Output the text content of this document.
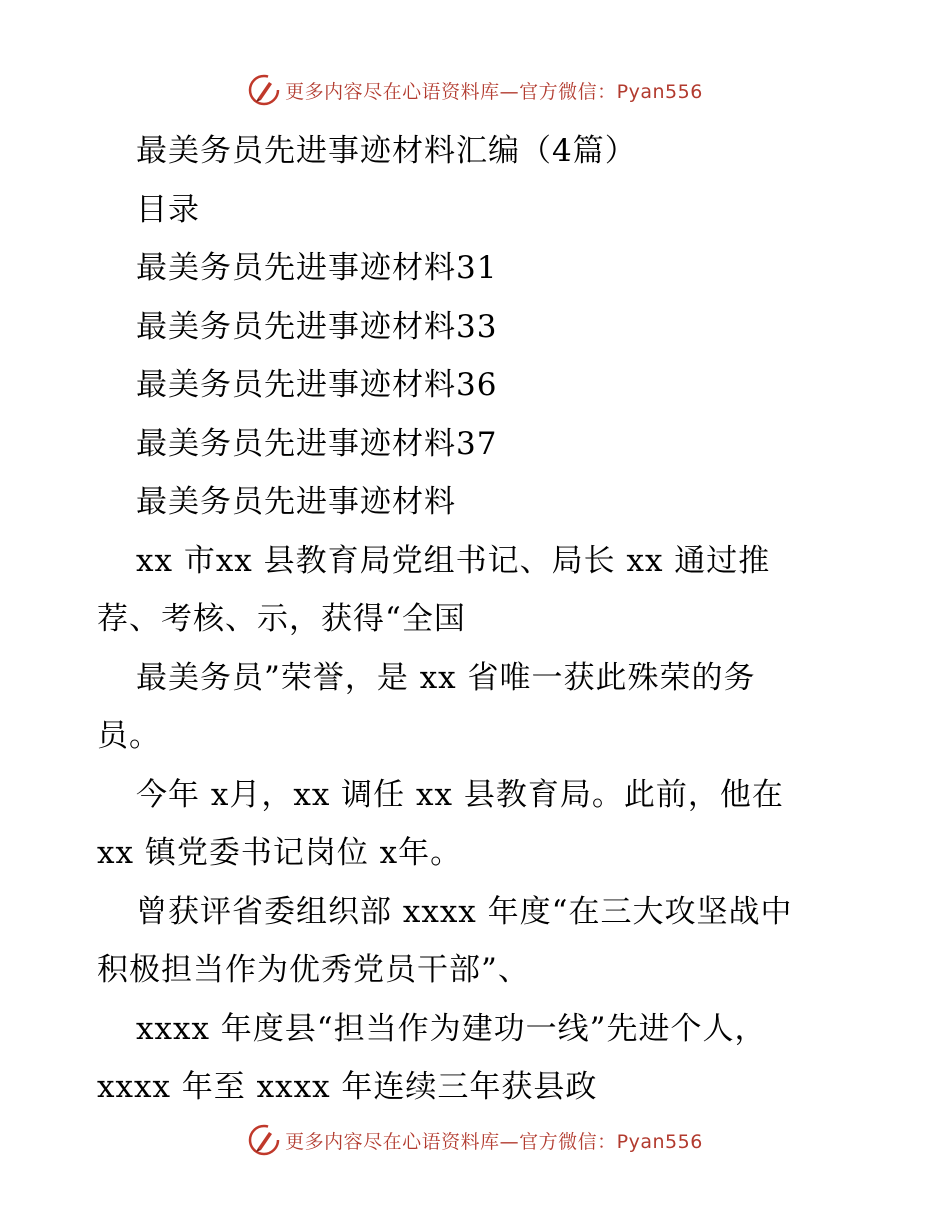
更多内容尽在心语资料库—官方微信：Pyan556
最美务员先进事迹材料汇编（4篇）
目录
最美务员先进事迹材料31
最美务员先进事迹材料33
最美务员先进事迹材料36
最美务员先进事迹材料37
最美务员先进事迹材料
xx 市xx 县教育局党组书记、局长 xx 通过推
荐、考核、示，获得“全国
最美务员”荣誉，是 xx 省唯一获此殊荣的务
员。
今年 x月，xx 调任 xx 县教育局。此前，他在
xx 镇党委书记岗位 x年。
曾获评省委组织部 xxxx 年度“在三大攻坚战中
积极担当作为优秀党员干部”、
xxxx 年度县“担当作为建功一线”先进个人，
xxxx 年至 xxxx 年连续三年获县政
更多内容尽在心语资料库—官方微信：Pyan556
